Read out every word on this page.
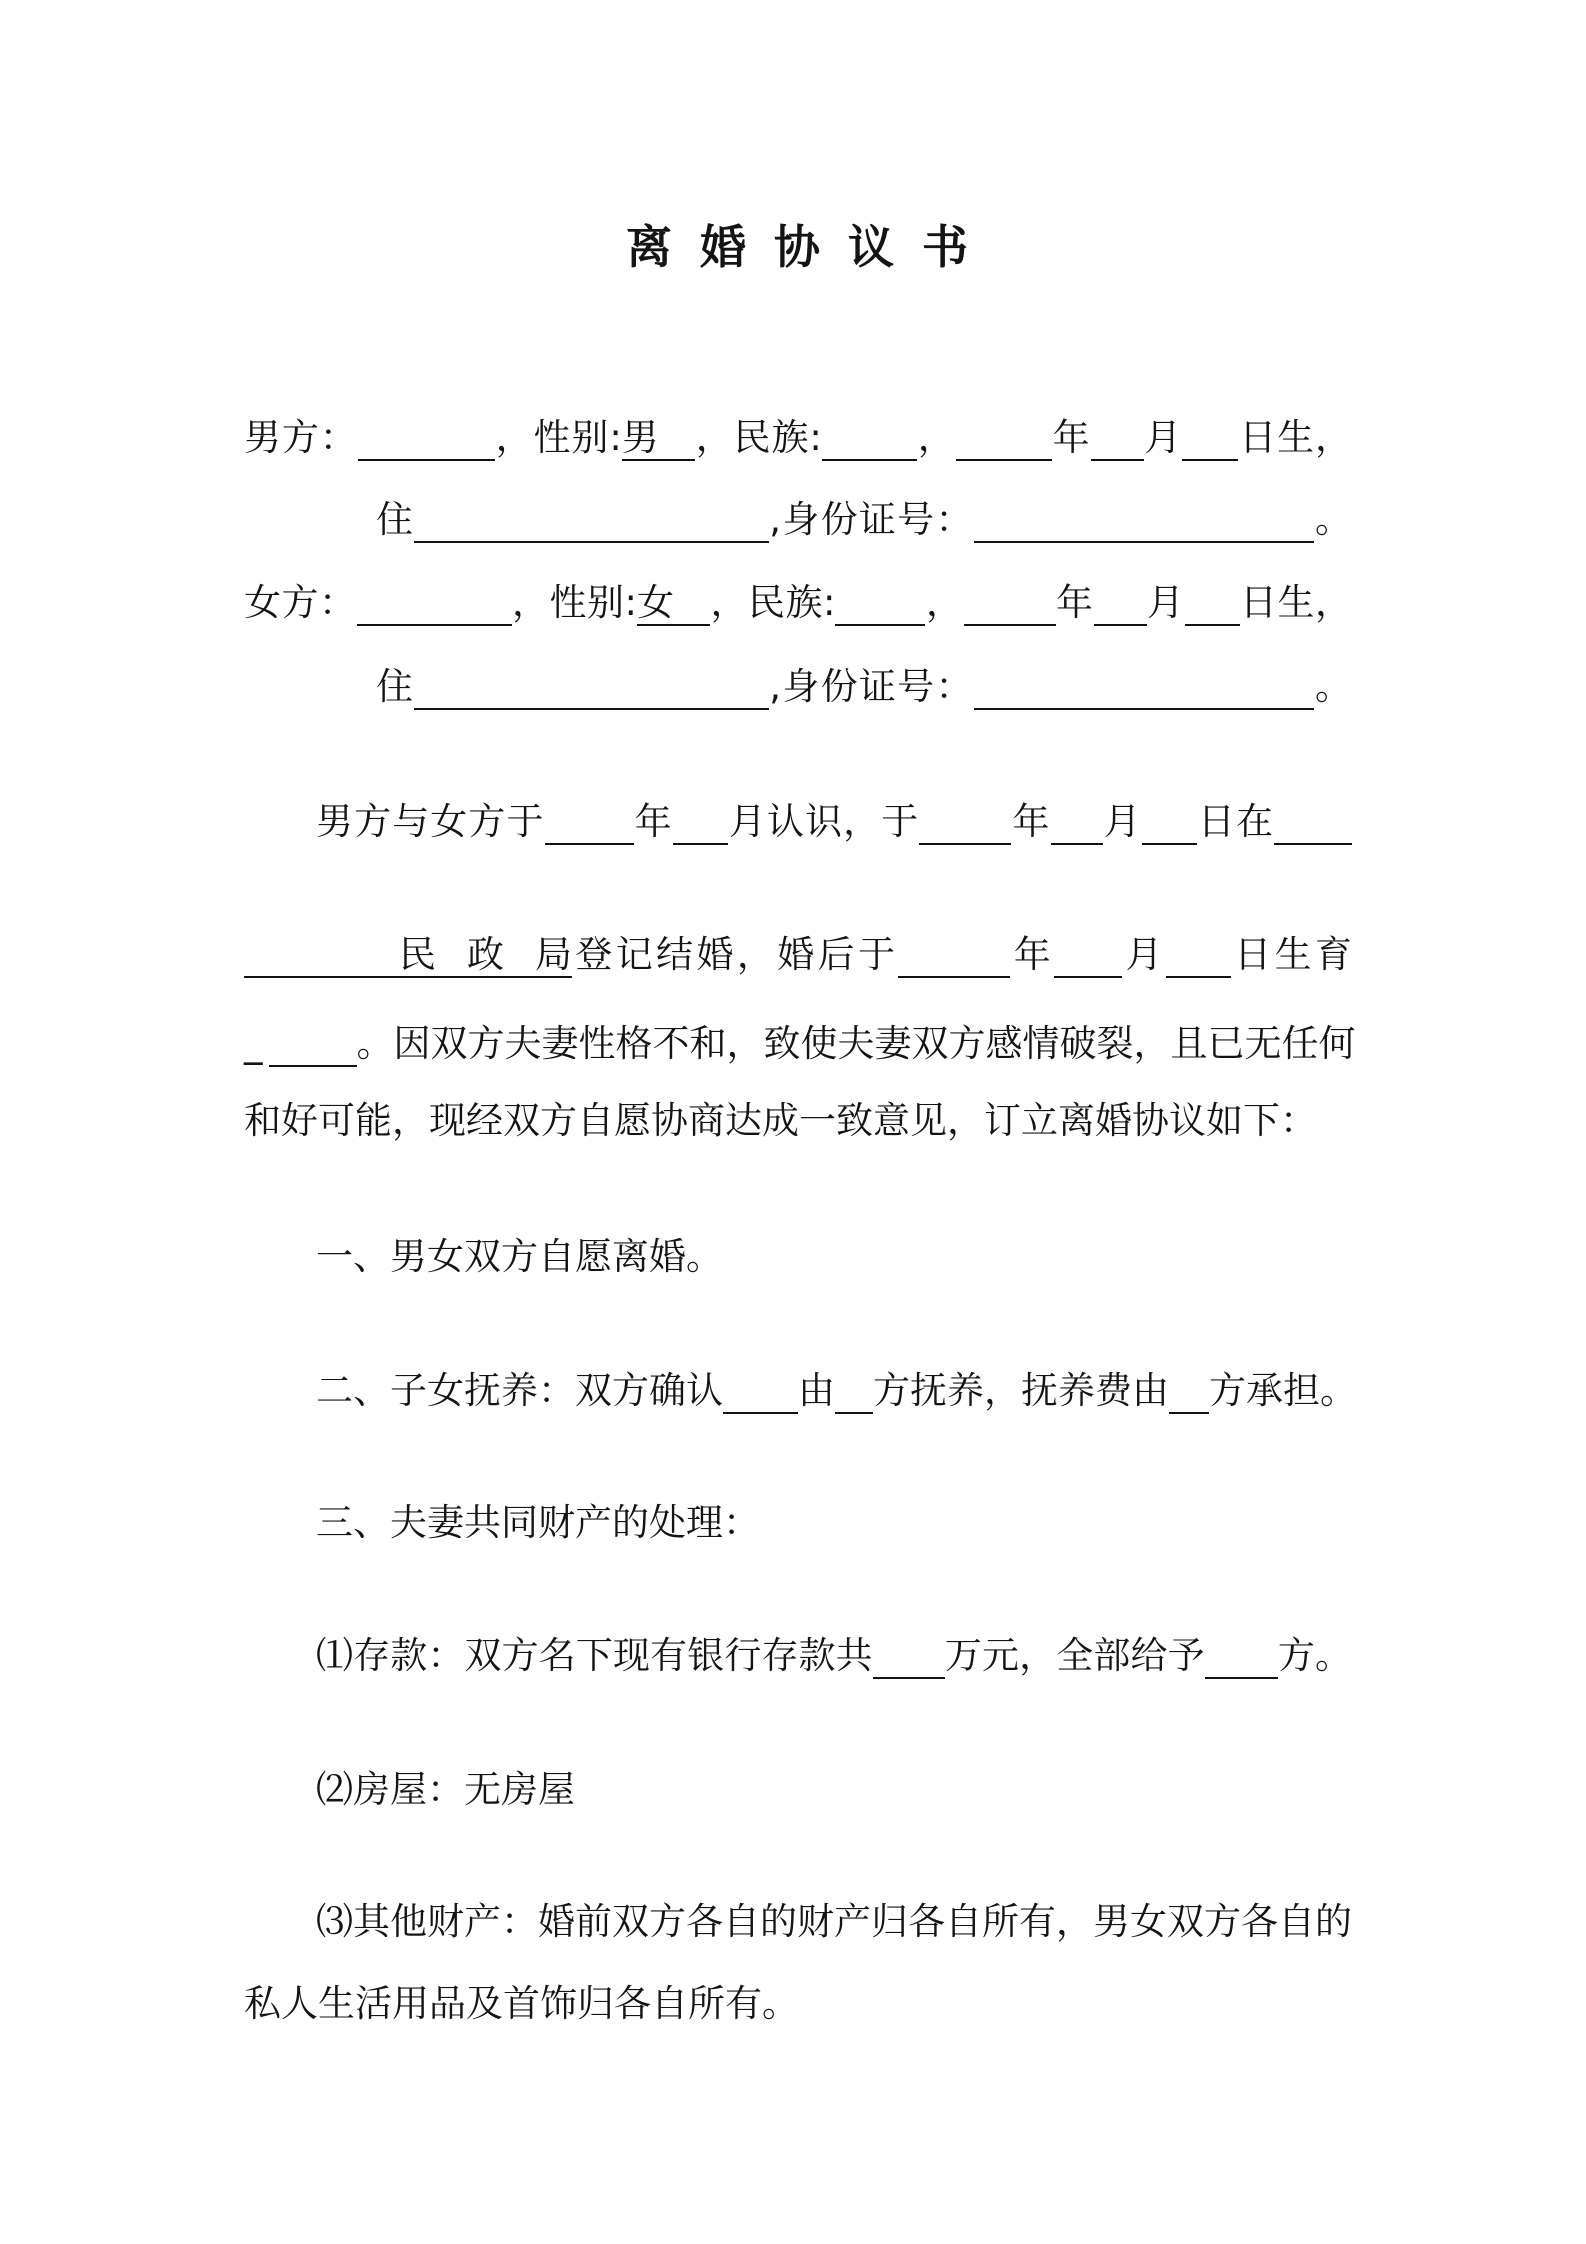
离 婚 协 议 书
男方： ​	，性别:​ 男 ，民族: ​	， ​	年 ​ 月 ​ 日生，
住 ​	,身份证号： ​	。
女方： ​	，性别:​ 女 ，民族: ​ ， ​ 年 ​ 月 ​ 日生，
住 ​	,身份证号： ​	。
男方与女方于 ​ 年 ​ 月认识，于 ​ 年 ​ 月 ​ 日在​
​ 民政局登记结婚，婚后于 ​	年 ​ 月 ​ 日生育
_ ​	。因双方夫妻性格不和，致使夫妻双方感情破裂，且已无任何
和好可能，现经双方自愿协商达成一致意见，订立离婚协议如下：
一、男女双方自愿离婚。
二、子女抚养：双方确认 ​ 由 ​ 方抚养，抚养费由 ​ 方承担。
三、夫妻共同财产的处理：
⑴存款：双方名下现有银行存款共 ​ 万元，全部给予 ​ 方。
⑵房屋：无房屋
⑶其他财产：婚前双方各自的财产归各自所有，男女双方各自的
私人生活用品及首饰归各自所有。
